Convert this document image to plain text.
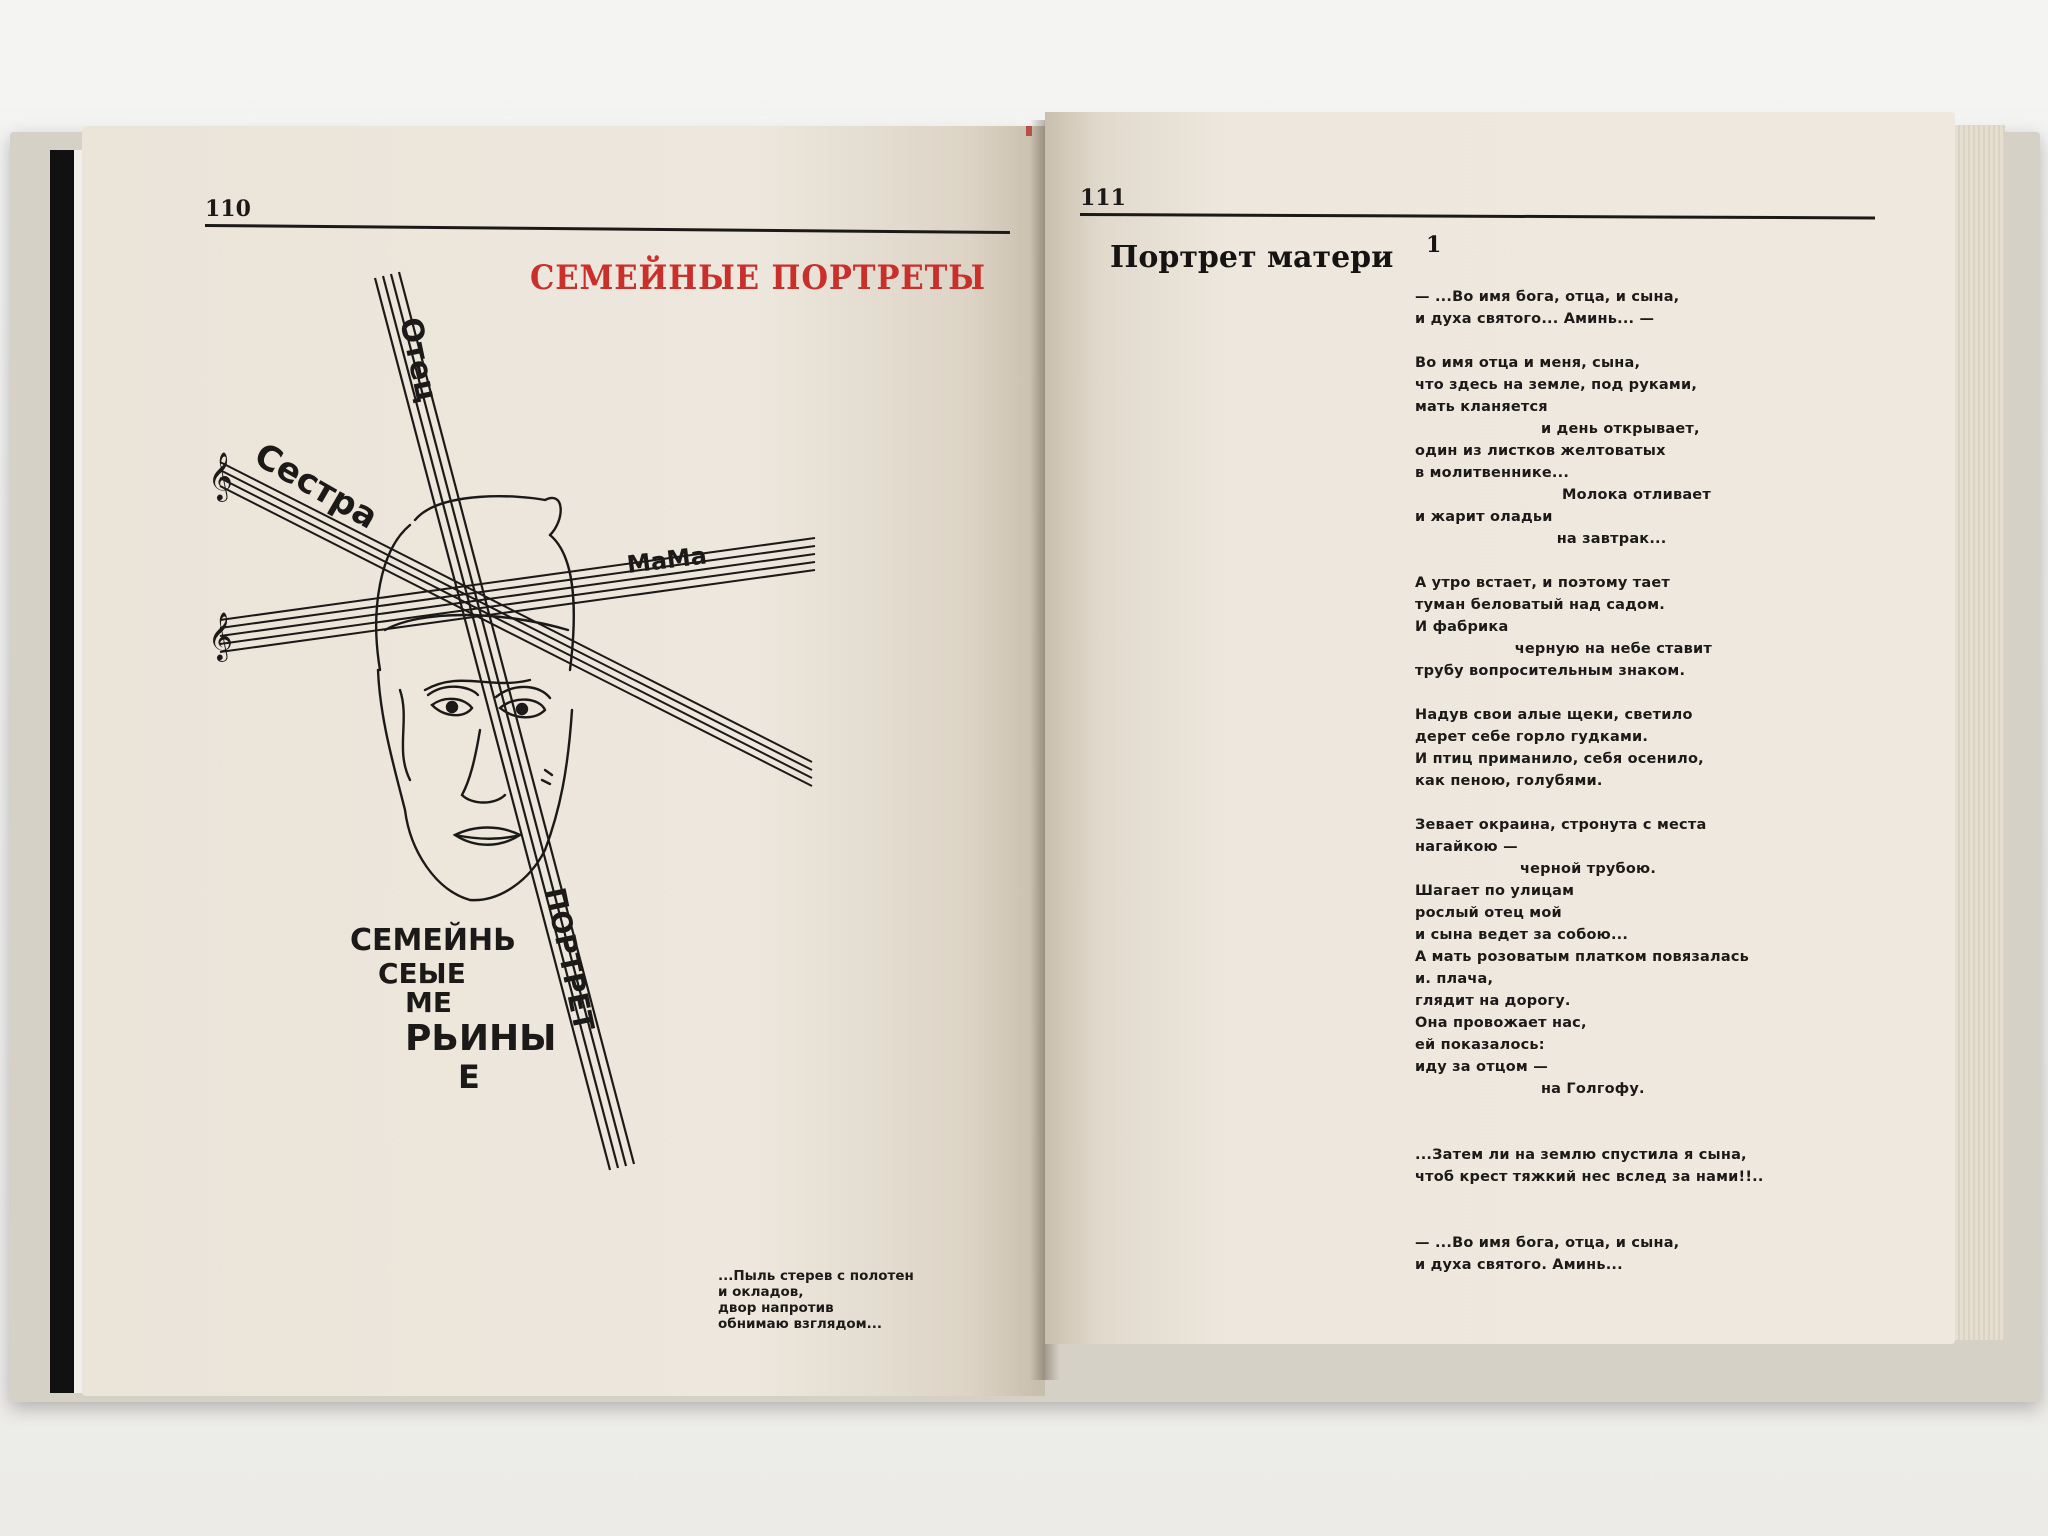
110
СЕМЕЙНЫЕ ПОРТРЕТЫ
𝄞
𝄞
Отец
Сестра
МаМа
СЕМЕЙНЬ
СЕЫЕ
МЕ
РЬИНЫ
ПОРТРЕТ
Е
...Пыль стерев с полотен
и окладов,
двор напротив
обнимаю взглядом...
111
Портрет матери 1
— ...Во имя бога, отца, и сына,
и духа святого... Аминь... —

Во имя отца и меня, сына,
что здесь на земле, под руками,
мать кланяется
и день открывает,
один из листков желтоватых
в молитвеннике...
Молока отливает
и жарит оладьи
на завтрак...

А утро встает, и поэтому тает
туман беловатый над садом.
И фабрика
черную на небе ставит
трубу вопросительным знаком.

Надув свои алые щеки, светило
дерет себе горло гудками.
И птиц приманило, себя осенило,
как пеною, голубями.

Зевает окраина, стронута с места
нагайкою —
черной трубою.
Шагает по улицам
рослый отец мой
и сына ведет за собою...
А мать розоватым платком повязалась
и. плача,
глядит на дорогу.
Она провожает нас,
ей показалось:
иду за отцом —
на Голгофу.

...Затем ли на землю спустила я сына,
чтоб крест тяжкий нес вслед за нами!!..

— ...Во имя бога, отца, и сына,
и духа святого. Аминь...
